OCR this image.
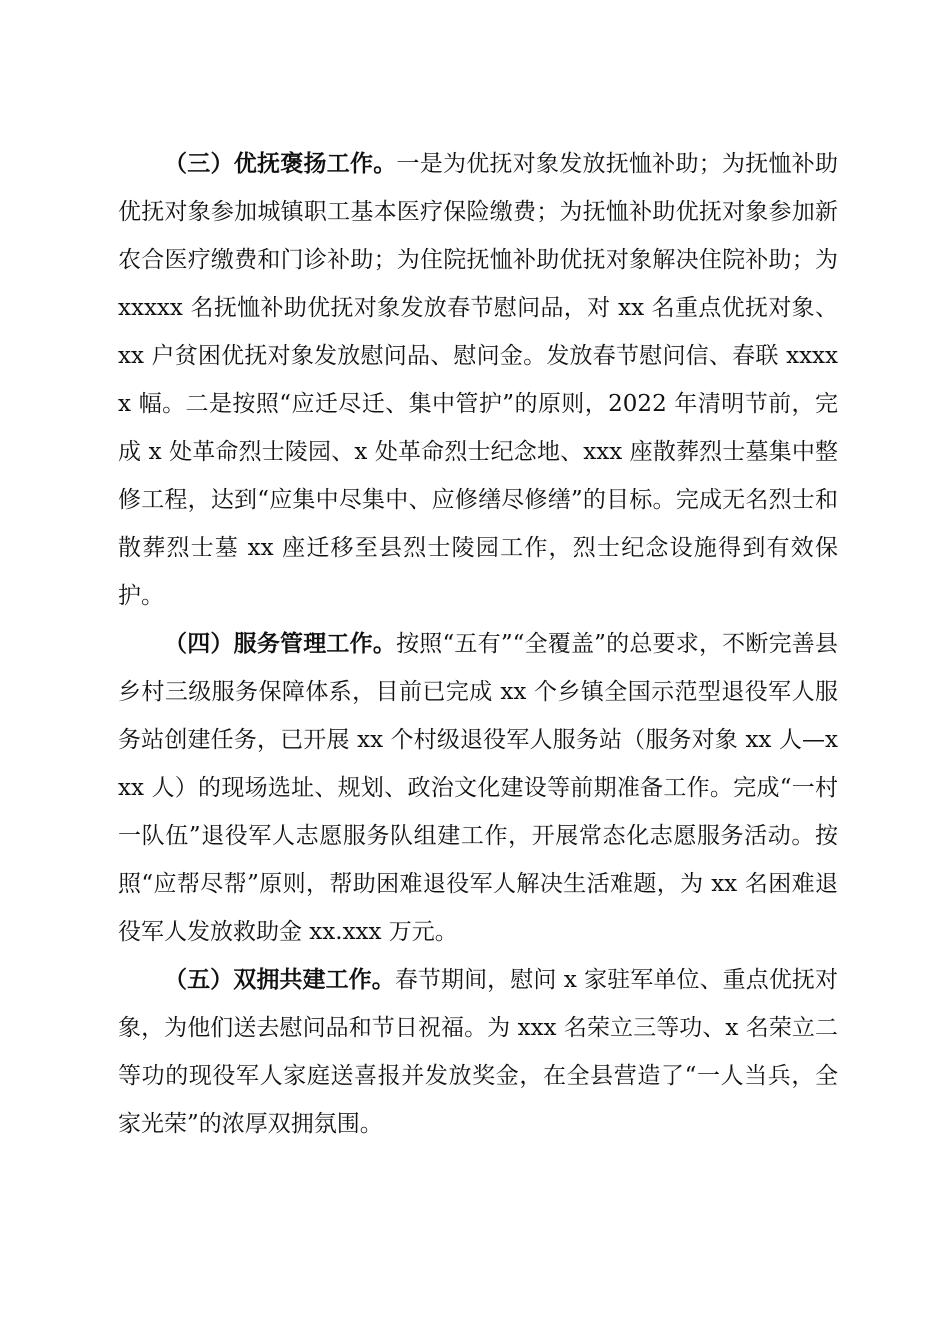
（三）优抚褒扬工作。一是为优抚对象发放抚恤补助；为抚恤补助优抚对象参加城镇职工基本医疗保险缴费；为抚恤补助优抚对象参加新农合医疗缴费和门诊补助；为住院抚恤补助优抚对象解决住院补助；为 xxxxx 名抚恤补助优抚对象发放春节慰问品，对 xx 名重点优抚对象、xx 户贫困优抚对象发放慰问品、慰问金。发放春节慰问信、春联 xxxxx 幅。二是按照“应迁尽迁、集中管护”的原则，2022 年清明节前，完成 x 处革命烈士陵园、x 处革命烈士纪念地、xxx 座散葬烈士墓集中整修工程，达到“应集中尽集中、应修缮尽修缮”的目标。完成无名烈士和散葬烈士墓 xx 座迁移至县烈士陵园工作，烈士纪念设施得到有效保护。

（四）服务管理工作。按照“五有”“全覆盖”的总要求，不断完善县乡村三级服务保障体系，目前已完成 xx 个乡镇全国示范型退役军人服务站创建任务，已开展 xx 个村级退役军人服务站（服务对象 xx 人—xxx 人）的现场选址、规划、政治文化建设等前期准备工作。完成“一村一队伍”退役军人志愿服务队组建工作，开展常态化志愿服务活动。按照“应帮尽帮”原则，帮助困难退役军人解决生活难题，为 xx 名困难退役军人发放救助金 xx.xxx 万元。

（五）双拥共建工作。春节期间，慰问 x 家驻军单位、重点优抚对象，为他们送去慰问品和节日祝福。为 xxx 名荣立三等功、x 名荣立二等功的现役军人家庭送喜报并发放奖金，在全县营造了“一人当兵，全家光荣”的浓厚双拥氛围。
